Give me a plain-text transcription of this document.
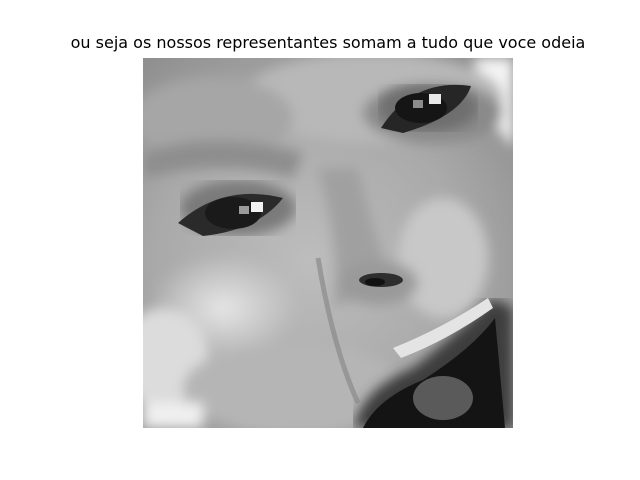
ou seja os nossos representantes somam a tudo que voce odeia
